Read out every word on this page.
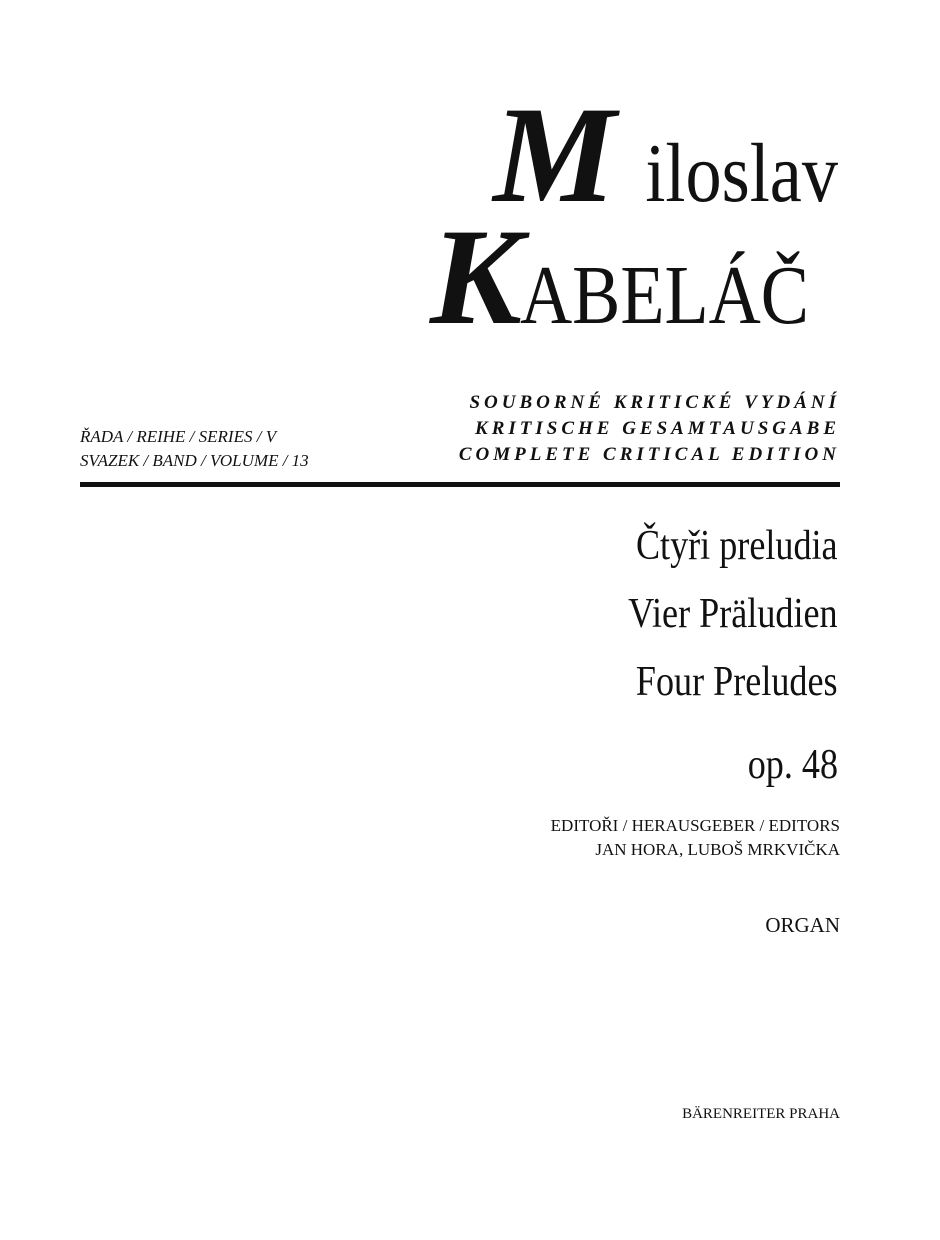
M iloslav
KABELÁČ
SOUBORNÉ KRITICKÉ VYDÁNÍ
KRITISCHE GESAMTAUSGABE
COMPLETE CRITICAL EDITION
ŘADA / REIHE / SERIES / V
SVAZEK / BAND / VOLUME / 13
Čtyři preludia
Vier Präludien
Four Preludes
op. 48
EDITOŘI / HERAUSGEBER / EDITORS
JAN HORA, LUBOŠ MRKVIČKA
ORGAN
BÄRENREITER PRAHA
